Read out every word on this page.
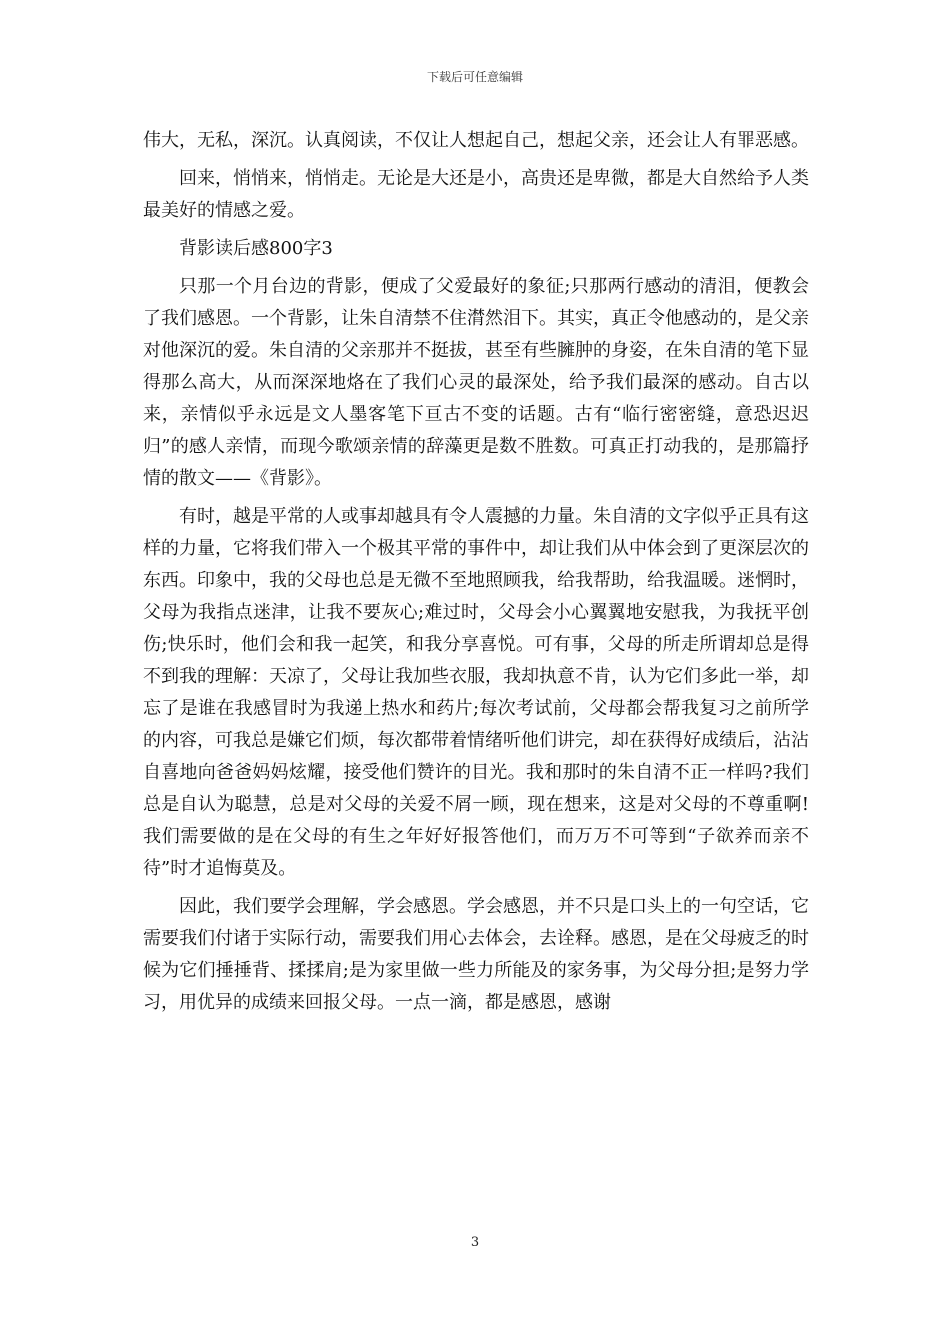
下载后可任意编辑

伟大，无私，深沉。认真阅读，不仅让人想起自己，想起父亲，还会让人有罪恶感。

回来，悄悄来，悄悄走。无论是大还是小，高贵还是卑微，都是大自然给予人类最美好的情感之爱。

背影读后感800字3

只那一个月台边的背影，便成了父爱最好的象征;只那两行感动的清泪，便教会了我们感恩。一个背影，让朱自清禁不住潸然泪下。其实，真正令他感动的，是父亲对他深沉的爱。朱自清的父亲那并不挺拔，甚至有些臃肿的身姿，在朱自清的笔下显得那么高大，从而深深地烙在了我们心灵的最深处，给予我们最深的感动。自古以来，亲情似乎永远是文人墨客笔下亘古不变的话题。古有“临行密密缝，意恐迟迟归”的感人亲情，而现今歌颂亲情的辞藻更是数不胜数。可真正打动我的，是那篇抒情的散文——《背影》。

有时，越是平常的人或事却越具有令人震撼的力量。朱自清的文字似乎正具有这样的力量，它将我们带入一个极其平常的事件中，却让我们从中体会到了更深层次的东西。印象中，我的父母也总是无微不至地照顾我，给我帮助，给我温暖。迷惘时，父母为我指点迷津，让我不要灰心;难过时，父母会小心翼翼地安慰我，为我抚平创伤;快乐时，他们会和我一起笑，和我分享喜悦。可有事，父母的所走所谓却总是得不到我的理解：天凉了，父母让我加些衣服，我却执意不肯，认为它们多此一举，却忘了是谁在我感冒时为我递上热水和药片;每次考试前，父母都会帮我复习之前所学的内容，可我总是嫌它们烦，每次都带着情绪听他们讲完，却在获得好成绩后，沾沾自喜地向爸爸妈妈炫耀，接受他们赞许的目光。我和那时的朱自清不正一样吗?我们总是自认为聪慧，总是对父母的关爱不屑一顾，现在想来，这是对父母的不尊重啊!我们需要做的是在父母的有生之年好好报答他们，而万万不可等到“子欲养而亲不待”时才追悔莫及。

因此，我们要学会理解，学会感恩。学会感恩，并不只是口头上的一句空话，它需要我们付诸于实际行动，需要我们用心去体会，去诠释。感恩，是在父母疲乏的时候为它们捶捶背、揉揉肩;是为家里做一些力所能及的家务事，为父母分担;是努力学习，用优异的成绩来回报父母。一点一滴，都是感恩，感谢

3
